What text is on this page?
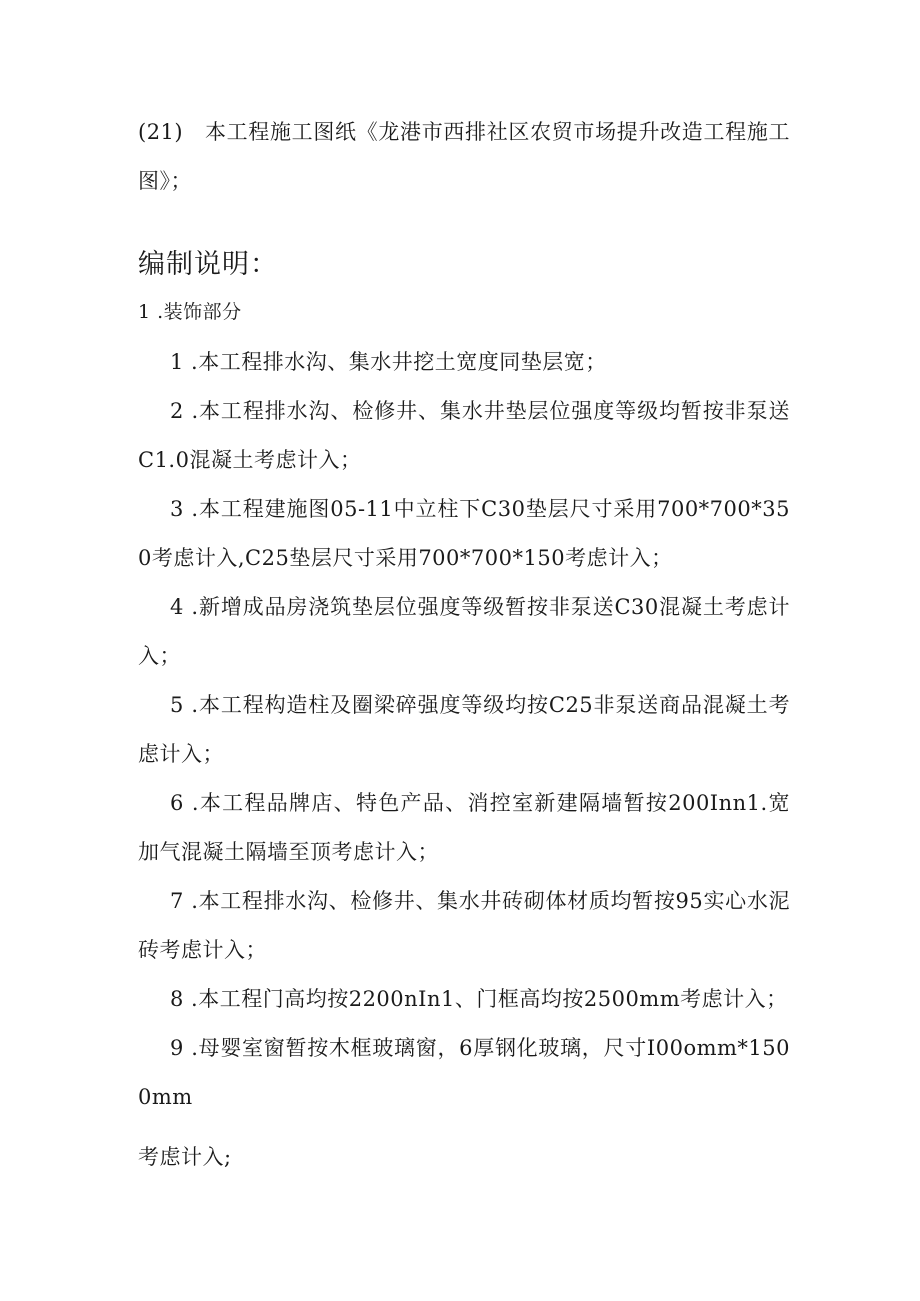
(21)　本工程施工图纸《龙港市西排社区农贸市场提升改造工程施工图》；

编制说明：

1 .装饰部分

1 .本工程排水沟、集水井挖土宽度同垫层宽；

2 .本工程排水沟、检修井、集水井垫层位强度等级均暂按非泵送C1.0混凝土考虑计入；

3 .本工程建施图05-11中立柱下C30垫层尺寸采用700*700*350考虑计入,C25垫层尺寸采用700*700*150考虑计入；

4 .新增成品房浇筑垫层位强度等级暂按非泵送C30混凝土考虑计入；

5 .本工程构造柱及圈梁碎强度等级均按C25非泵送商品混凝土考虑计入；

6 .本工程品牌店、特色产品、消控室新建隔墙暂按200Inn1.宽加气混凝土隔墙至顶考虑计入；

7 .本工程排水沟、检修井、集水井砖砌体材质均暂按95实心水泥砖考虑计入；

8 .本工程门高均按2200nIn1、门框高均按2500mm考虑计入；

9 .母婴室窗暂按木框玻璃窗，6厚钢化玻璃，尺寸I00omm*1500mm
考虑计入;
